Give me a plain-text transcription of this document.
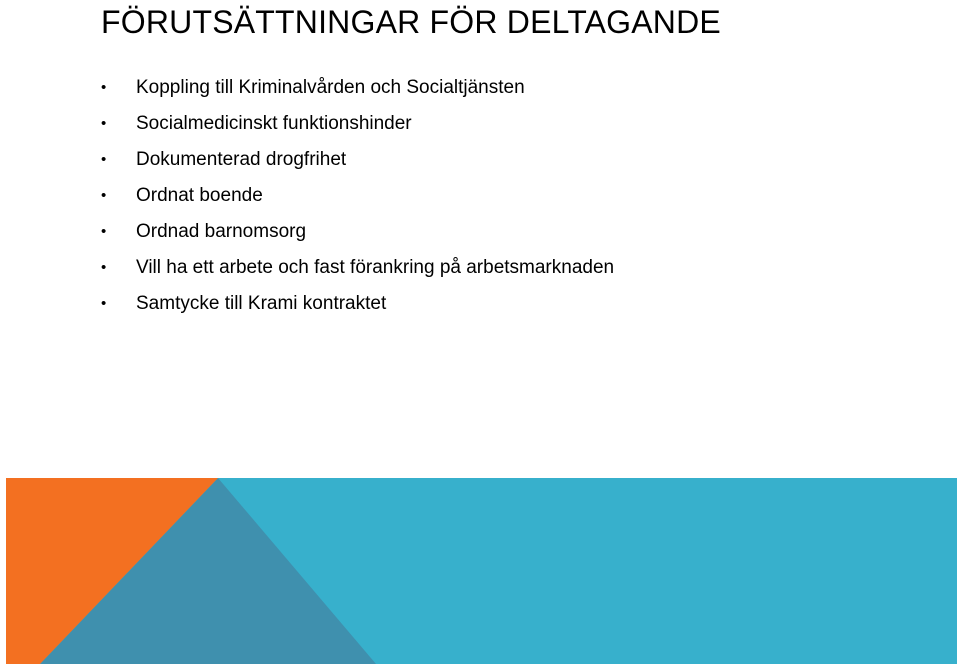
FÖRUTSÄTTNINGAR FÖR DELTAGANDE
• Koppling till Kriminalvården och Socialtjänsten
• Socialmedicinskt funktionshinder
• Dokumenterad drogfrihet
• Ordnat boende
• Ordnad barnomsorg
• Vill ha ett arbete och fast förankring på arbetsmarknaden
• Samtycke till Krami kontraktet
